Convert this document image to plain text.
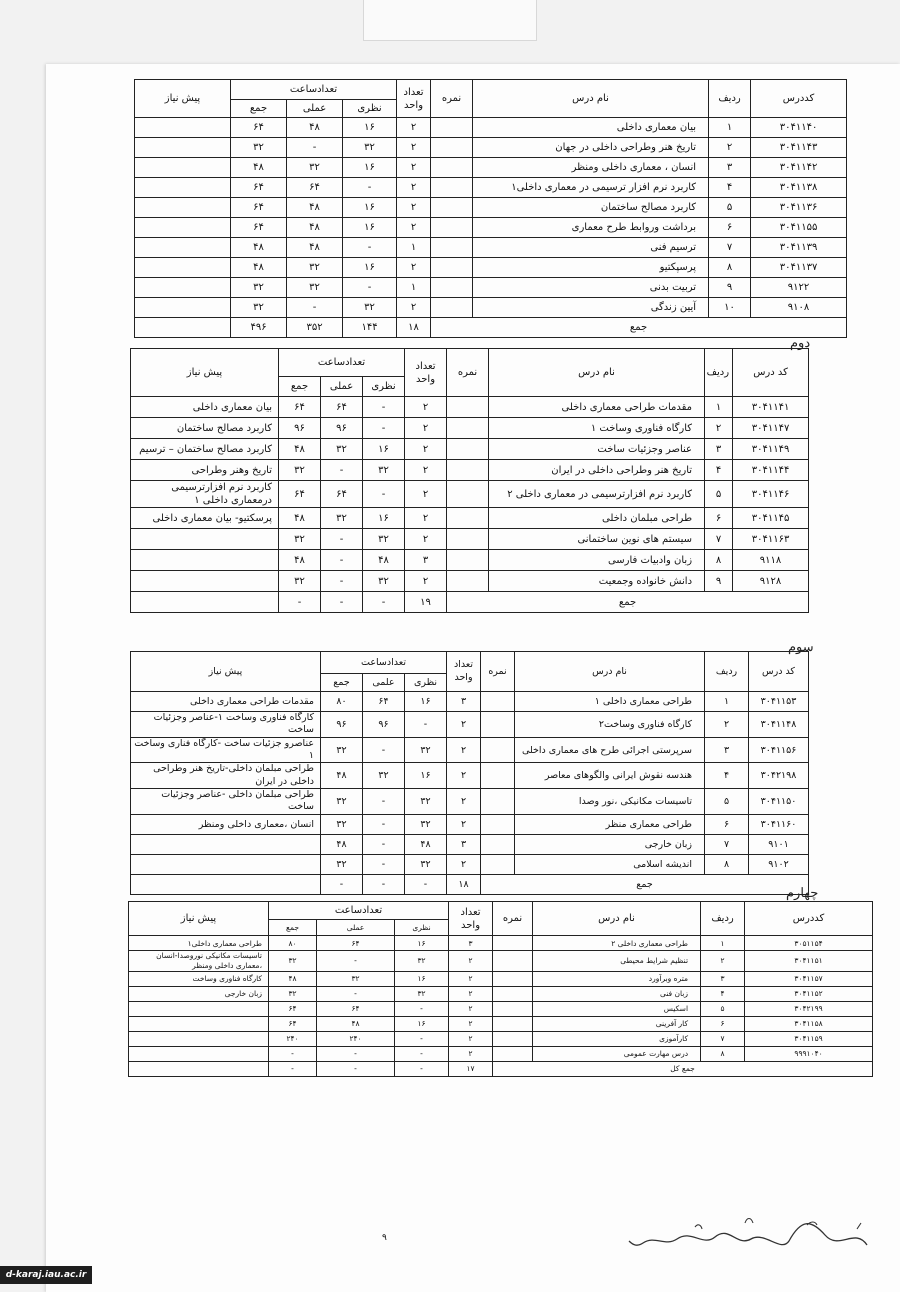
کددرس	ردیف	نام درس	نمره	تعداد واحد	تعدادساعت			پیش نیاز
					نظری	عملی	جمع	
۳۰۴۱۱۴۰	۱	بیان معماری داخلی		۲	۱۶	۴۸	۶۴	
۳۰۴۱۱۴۳	۲	تاریخ هنر وطراحی داخلی در جهان		۲	۳۲	-	۳۲	
۳۰۴۱۱۴۲	۳	انسان ، معماری داخلی ومنظر		۲	۱۶	۳۲	۴۸	
۳۰۴۱۱۳۸	۴	کاربرد نرم افزار ترسیمی در معماری داخلی۱		۲	-	۶۴	۶۴	
۳۰۴۱۱۳۶	۵	کاربرد مصالح ساختمان		۲	۱۶	۴۸	۶۴	
۳۰۴۱۱۵۵	۶	برداشت وروابط طرح معماری		۲	۱۶	۴۸	۶۴	
۳۰۴۱۱۳۹	۷	ترسیم فنی		۱	-	۴۸	۴۸	
۳۰۴۱۱۳۷	۸	پرسپکتیو		۲	۱۶	۳۲	۴۸	
۹۱۲۲	۹	تربیت بدنی		۱	-	۳۲	۳۲	
۹۱۰۸	۱۰	آیین زندگی		۲	۳۲	-	۳۲	
جمع				۱۸	۱۴۴	۳۵۲	۴۹۶	
دوم
کد درس	ردیف	نام درس	نمره	تعداد واحد	تعدادساعت			پیش نیاز
					نظری	عملی	جمع	
۳۰۴۱۱۴۱	۱	مقدمات طراحی معماری داخلی		۲	-	۶۴	۶۴	بیان معماری داخلی
۳۰۴۱۱۴۷	۲	کارگاه فناوری وساخت ۱		۲	-	۹۶	۹۶	کاربرد مصالح ساختمان
۳۰۴۱۱۴۹	۳	عناصر وجزئیات ساخت		۲	۱۶	۳۲	۴۸	کاربرد مصالح ساختمان – ترسیم
۳۰۴۱۱۴۴	۴	تاریخ هنر وطراحی داخلی در ایران		۲	۳۲	-	۳۲	تاریخ وهنر وطراحی
۳۰۴۱۱۴۶	۵	کاربرد نرم افزارترسیمی در معماری داخلی ۲		۲	-	۶۴	۶۴	کاربرد نرم افزارترسیمی درمعماری داخلی ۱
۳۰۴۱۱۴۵	۶	طراحی مبلمان داخلی		۲	۱۶	۳۲	۴۸	پرسکتیو- بیان معماری داخلی
۳۰۴۱۱۶۳	۷	سیستم های نوین ساختمانی		۲	۳۲	-	۳۲	
۹۱۱۸	۸	زبان وادبیات فارسی		۳	۴۸	-	۴۸	
۹۱۲۸	۹	دانش خانواده وجمعیت		۲	۳۲	-	۳۲	
جمع				۱۹	-	-	-	
سوم
کد درس	ردیف	نام درس	نمره	تعداد واحد	تعدادساعت			پیش نیاز
					نظری	علمی	جمع	
۳۰۴۱۱۵۳	۱	طراحی معماری داخلی ۱		۳	۱۶	۶۴	۸۰	مقدمات طراحی معماری داخلی
۳۰۴۱۱۴۸	۲	کارگاه فناوری وساخت۲		۲	-	۹۶	۹۶	کارگاه فناوری وساخت ۱-عناصر وجزئیات ساخت
۳۰۴۱۱۵۶	۳	سرپرستی اجرائی طرح های معماری داخلی		۲	۳۲	-	۳۲	عناصرو جزئیات ساخت -کارگاه فناری وساخت ۱
۳۰۴۲۱۹۸	۴	هندسه نقوش ایرانی والگوهای معاصر		۲	۱۶	۳۲	۴۸	طراحی مبلمان داخلی-تاریخ هنر وطراحی داخلی در ایران
۳۰۴۱۱۵۰	۵	تاسیسات مکانیکی ،نور وصدا		۲	۳۲	-	۳۲	طراحی مبلمان داخلی -عناصر وجزئیات ساخت
۳۰۴۱۱۶۰	۶	طراحی معماری منظر		۲	۳۲	-	۳۲	انسان ،معماری داخلی ومنظر
۹۱۰۱	۷	زبان خارجی		۳	۴۸	-	۴۸	
۹۱۰۲	۸	اندیشه اسلامی		۲	۳۲	-	۳۲	
جمع				۱۸	-	-	-	
چهارم
کددرس	ردیف	نام درس	نمره	تعداد واحد	تعدادساعت			پیش نیاز
					نظری	عملی	جمع	
۳۰۵۱۱۵۴	۱	طراحی معماری داخلی ۲		۳	۱۶	۶۴	۸۰	طراحی معماری داخلی۱
۳۰۴۱۱۵۱	۲	تنظیم شرایط محیطی		۲	۳۲	-	۳۲	تاسیسات مکانیکی نوروصدا-انسان ،معماری داخلی ومنظر
۳۰۴۱۱۵۷	۳	متره وبرآورد		۲	۱۶	۳۲	۴۸	کارگاه فناوری وساخت
۳۰۴۱۱۵۲	۴	زبان فنی		۲	۳۲	-	۳۲	زبان خارجی
۳۰۴۲۱۹۹	۵	اسکیس		۲	-	۶۴	۶۴	
۳۰۴۱۱۵۸	۶	کار آفرینی		۲	۱۶	۴۸	۶۴	
۳۰۴۱۱۵۹	۷	کارآموزی		۲	-	۲۴۰	۲۴۰	
۹۹۹۱۰۴۰	۸	درس مهارت عمومی		۲	-	-	-	
جمع کل				۱۷	-	-	-	
۹
d-karaj.iau.ac.ir
